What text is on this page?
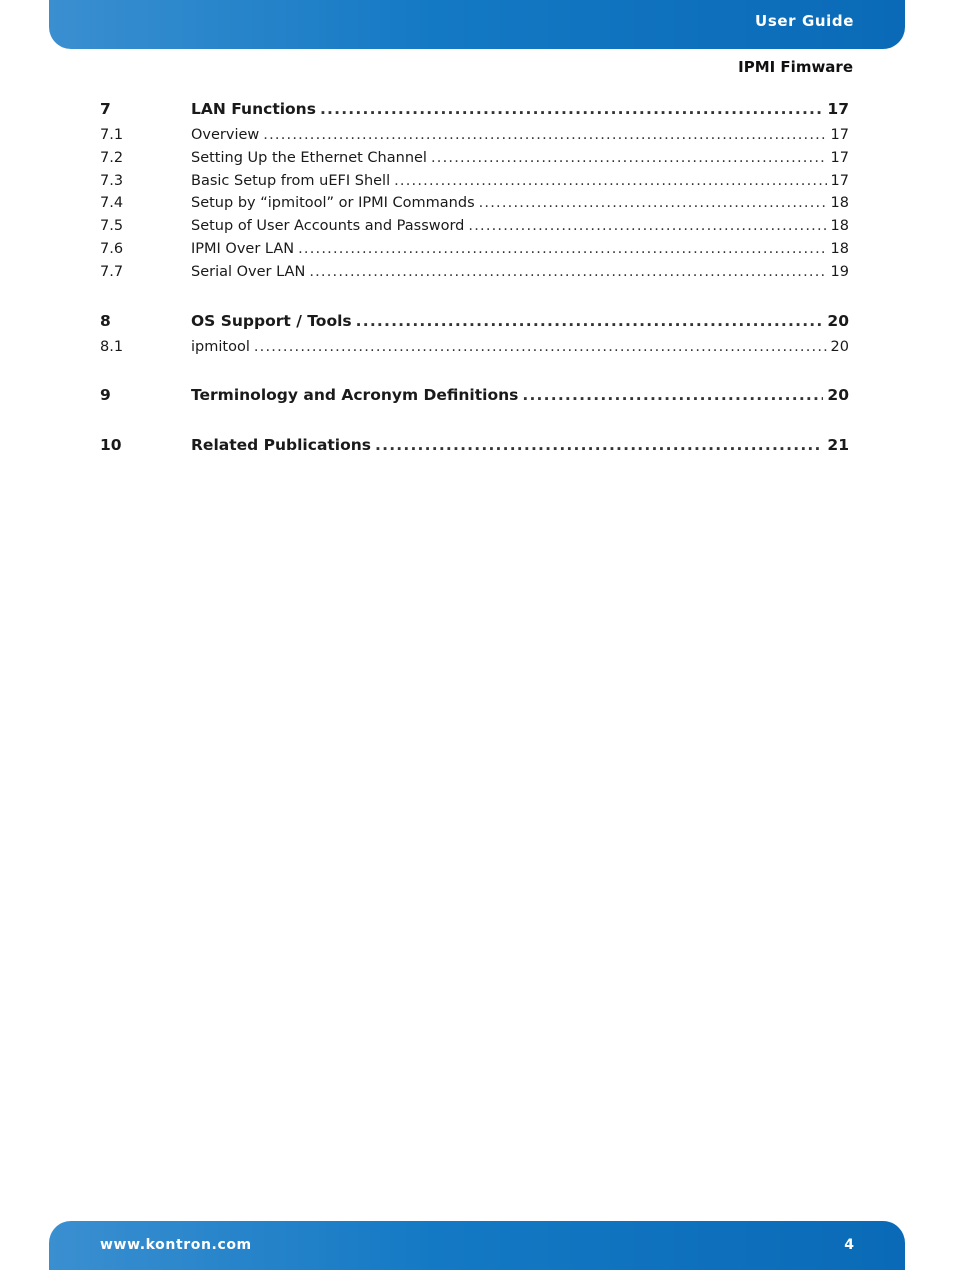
User Guide
IPMI Fimware
7	LAN Functions .....	17
7.1	Overview .....	17
7.2	Setting Up the Ethernet Channel .....	17
7.3	Basic Setup from uEFI Shell .....	17
7.4	Setup by “ipmitool” or IPMI Commands .....	18
7.5	Setup of User Accounts and Password .....	18
7.6	IPMI Over LAN .....	18
7.7	Serial Over LAN .....	19
8	OS Support / Tools .....	20
8.1	ipmitool .....	20
9	Terminology and Acronym Definitions .....	20
10	Related Publications .....	21
www.kontron.com	4
